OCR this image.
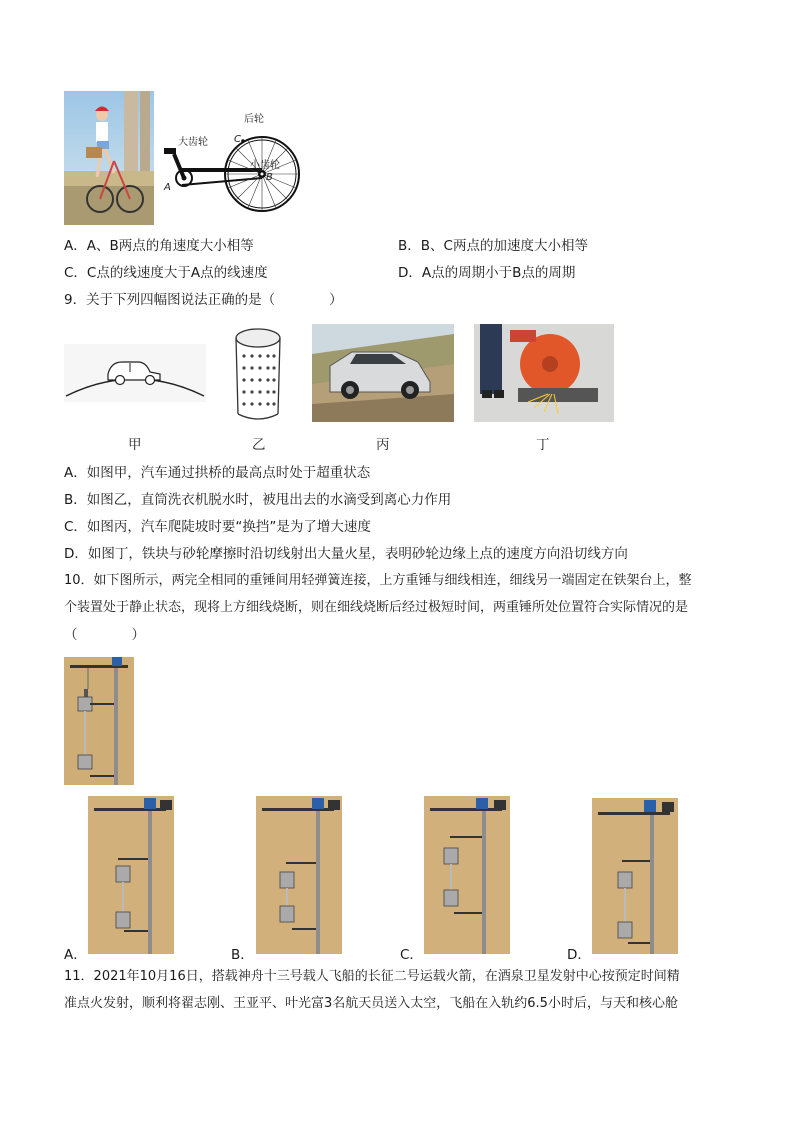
大齿轮
后轮
小齿轮
A
B
C
A．A、B两点的角速度大小相等	B．B、C两点的加速度大小相等
C．C点的线速度大于A点的线速度	D．A点的周期小于B点的周期
9．关于下列四幅图说法正确的是（　　　　）
甲	乙	丙	丁
A．如图甲，汽车通过拱桥的最高点时处于超重状态
B．如图乙，直筒洗衣机脱水时，被甩出去的水滴受到离心力作用
C．如图丙，汽车爬陡坡时要“换挡”是为了增大速度
D．如图丁，铁块与砂轮摩擦时沿切线射出大量火星，表明砂轮边缘上点的速度方向沿切线方向
10．如下图所示，两完全相同的重锤间用轻弹簧连接，上方重锤与细线相连，细线另一端固定在铁架台上，整
个装置处于静止状态，现将上方细线烧断，则在细线烧断后经过极短时间，两重锤所处位置符合实际情况的是
（　　　　）
A．	B．	C．	D．
11．2021年10月16日，搭载神舟十三号载人飞船的长征二号运载火箭，在酒泉卫星发射中心按预定时间精
准点火发射，顺利将翟志刚、王亚平、叶光富3名航天员送入太空，飞船在入轨约6.5小时后，与天和核心舱
